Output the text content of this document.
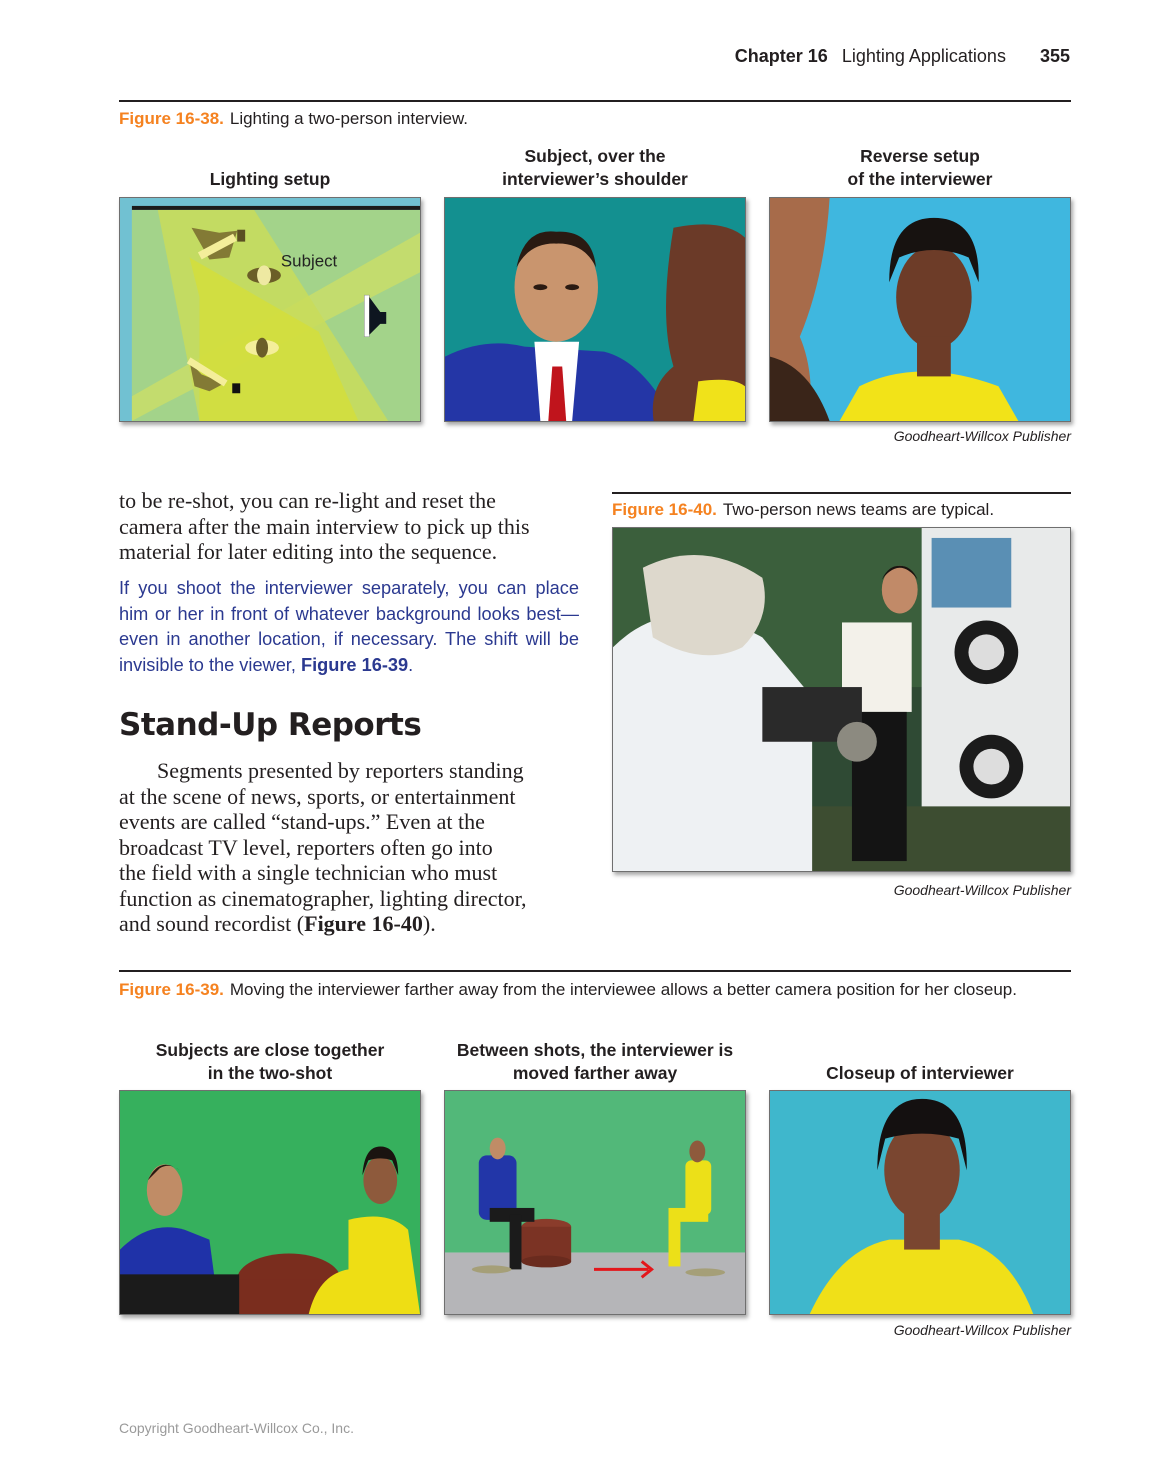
Chapter 16 Lighting Applications 355
Figure 16-38. Lighting a two-person interview.
Lighting setup
Subject, over the
interviewer’s shoulder
Reverse setup
of the interviewer
Subject
Goodheart-Willcox Publisher
to be re-shot, you can re-light and reset the
camera after the main interview to pick up this
material for later editing into the sequence.
If you shoot the interviewer separately, you can place him or her in front of whatever background looks best—even in another location, if necessary. The shift will be invisible to the viewer, Figure 16-39.
Stand-Up Reports
Segments presented by reporters standing
at the scene of news, sports, or entertainment
events are called “stand-ups.” Even at the
broadcast TV level, reporters often go into
the field with a single technician who must
function as cinematographer, lighting director,
and sound recordist (Figure 16-40).
Figure 16-40. Two-person news teams are typical.
Goodheart-Willcox Publisher
Figure 16-39. Moving the interviewer farther away from the interviewee allows a better camera position for her closeup.
Subjects are close together
in the two-shot
Between shots, the interviewer is
moved farther away	Closeup of interviewer
Goodheart-Willcox Publisher
Copyright Goodheart-Willcox Co., Inc.
